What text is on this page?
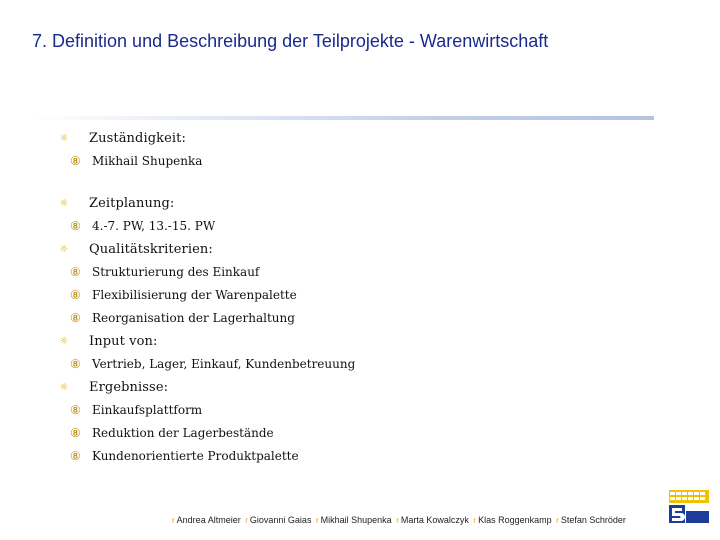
7. Definition und Beschreibung der Teilprojekte - Warenwirtschaft
☼ Zuständigkeit:
⑧ Mikhail Shupenka
☼ Zeitplanung:
⑧ 4.-7. PW, 13.-15. PW
☼ Qualitätskriterien:
⑧ Strukturierung des Einkauf
⑧ Flexibilisierung der Warenpalette
⑧ Reorganisation der Lagerhaltung
☼ Input von:
⑧ Vertrieb, Lager, Einkauf, Kundenbetreuung
☼ Ergebnisse:
⑧ Einkaufsplattform
⑧ Reduktion der Lagerbestände
⑧ Kundenorientierte Produktpalette
r Andrea Altmeier r Giovanni Gaias r Mikhail Shupenka r Marta Kowalczyk r Klas Roggenkamp r Stefan Schröder
